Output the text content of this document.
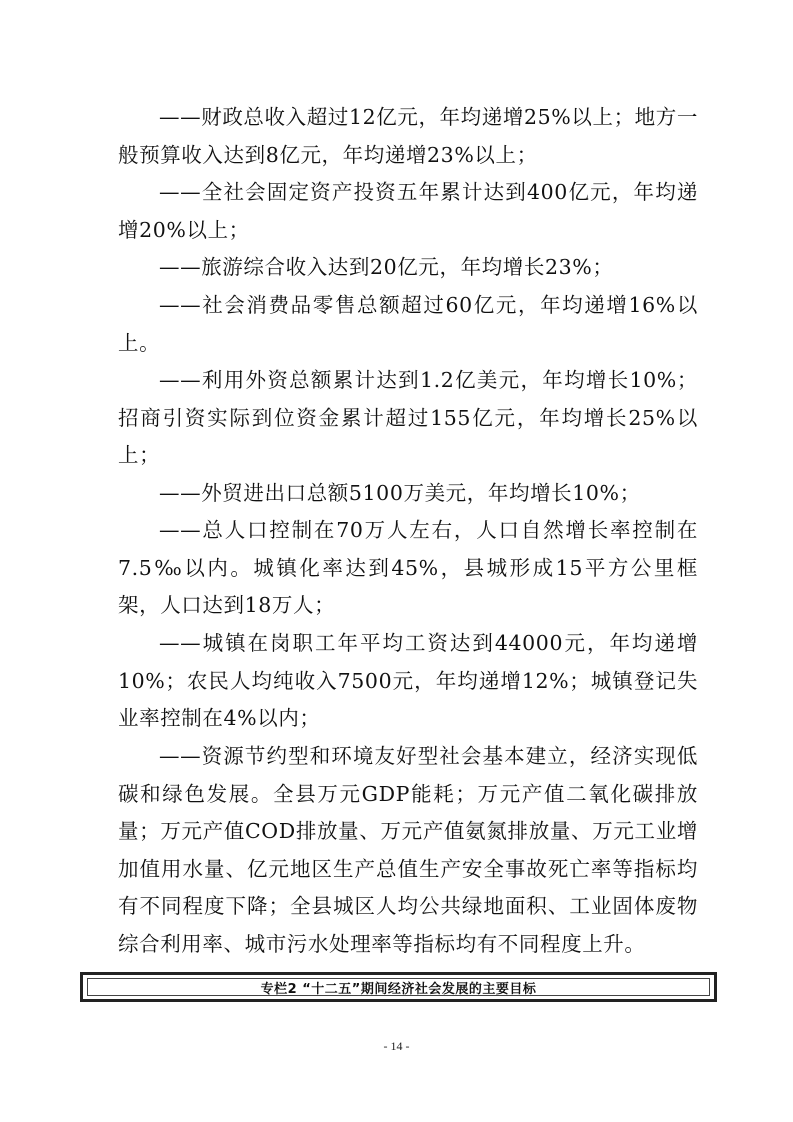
——财政总收入超过12亿元，年均递增25%以上；地方一般预算收入达到8亿元，年均递增23%以上；

——全社会固定资产投资五年累计达到400亿元，年均递增20%以上；

——旅游综合收入达到20亿元，年均增长23%；

——社会消费品零售总额超过60亿元，年均递增16%以上。

——利用外资总额累计达到1.2亿美元，年均增长10%；招商引资实际到位资金累计超过155亿元，年均增长25%以上；

——外贸进出口总额5100万美元，年均增长10%；

——总人口控制在70万人左右，人口自然增长率控制在7.5‰以内。城镇化率达到45%，县城形成15平方公里框架，人口达到18万人；

——城镇在岗职工年平均工资达到44000元，年均递增10%；农民人均纯收入7500元，年均递增12%；城镇登记失业率控制在4%以内；

——资源节约型和环境友好型社会基本建立，经济实现低碳和绿色发展。全县万元GDP能耗；万元产值二氧化碳排放量；万元产值COD排放量、万元产值氨氮排放量、万元工业增加值用水量、亿元地区生产总值生产安全事故死亡率等指标均有不同程度下降；全县城区人均公共绿地面积、工业固体废物综合利用率、城市污水处理率等指标均有不同程度上升。

专栏2 “十二五”期间经济社会发展的主要目标
- 14 -
